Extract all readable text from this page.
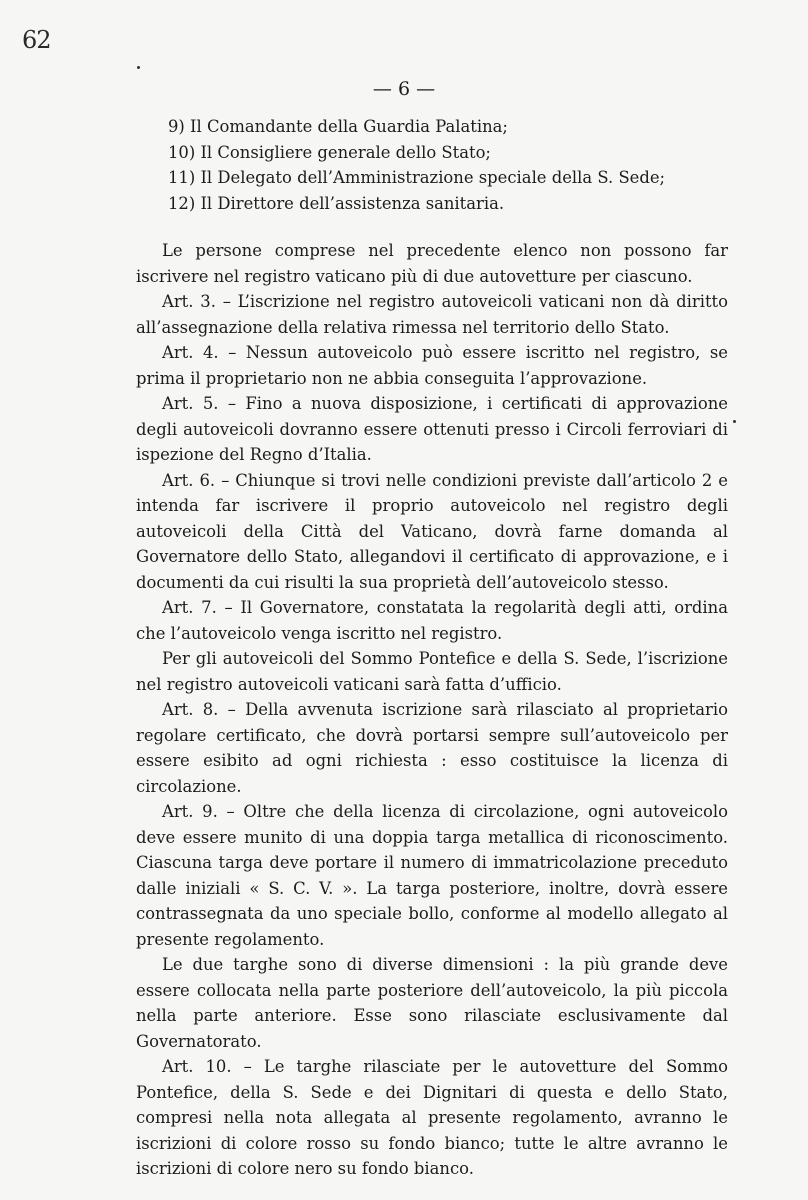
62
— 6 —
9) Il Comandante della Guardia Palatina;
10) Il Consigliere generale dello Stato;
11) Il Delegato dell’Amministrazione speciale della S. Sede;
12) Il Direttore dell’assistenza sanitaria.

Le persone comprese nel precedente elenco non possono far iscrivere nel registro vaticano più di due autovetture per ciascuno.

Art. 3. – L’iscrizione nel registro autoveicoli vaticani non dà diritto all’assegnazione della relativa rimessa nel territorio dello Stato.

Art. 4. – Nessun autoveicolo può essere iscritto nel registro, se prima il proprietario non ne abbia conseguita l’approvazione.

Art. 5. – Fino a nuova disposizione, i certificati di approvazione degli autoveicoli dovranno essere ottenuti presso i Circoli ferroviari di ispezione del Regno d’Italia.

Art. 6. – Chiunque si trovi nelle condizioni previste dall’articolo 2 e intenda far iscrivere il proprio autoveicolo nel registro degli autoveicoli della Città del Vaticano, dovrà farne domanda al Governatore dello Stato, allegandovi il certificato di approvazione, e i documenti da cui risulti la sua proprietà dell’autoveicolo stesso.

Art. 7. – Il Governatore, constatata la regolarità degli atti, ordina che l’autoveicolo venga iscritto nel registro.

Per gli autoveicoli del Sommo Pontefice e della S. Sede, l’iscrizione nel registro autoveicoli vaticani sarà fatta d’ufficio.

Art. 8. – Della avvenuta iscrizione sarà rilasciato al proprietario regolare certificato, che dovrà portarsi sempre sull’autoveicolo per essere esibito ad ogni richiesta : esso costituisce la licenza di circolazione.

Art. 9. – Oltre che della licenza di circolazione, ogni autoveicolo deve essere munito di una doppia targa metallica di riconoscimento. Ciascuna targa deve portare il numero di immatricolazione preceduto dalle iniziali « S. C. V. ». La targa posteriore, inoltre, dovrà essere contrassegnata da uno speciale bollo, conforme al modello allegato al presente regolamento.

Le due targhe sono di diverse dimensioni : la più grande deve essere collocata nella parte posteriore dell’autoveicolo, la più piccola nella parte anteriore. Esse sono rilasciate esclusivamente dal Governatorato.

Art. 10. – Le targhe rilasciate per le autovetture del Sommo Pontefice, della S. Sede e dei Dignitari di questa e dello Stato, compresi nella nota allegata al presente regolamento, avranno le iscrizioni di colore rosso su fondo bianco; tutte le altre avranno le iscrizioni di colore nero su fondo bianco.
